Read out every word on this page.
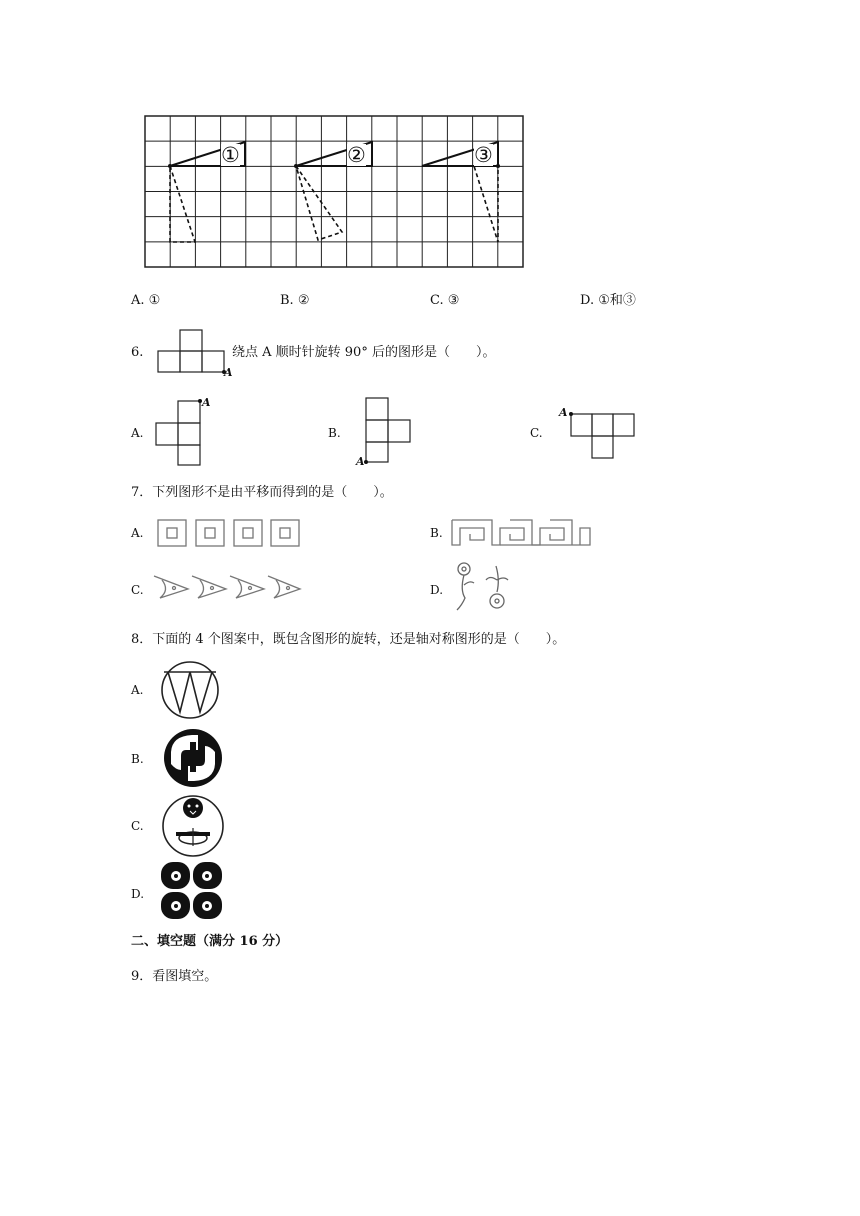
①	②	③
A. ①	B. ②	C. ③	D. ①和③
6.
A
A
A
A
绕点 A 顺时针旋转 90° 后的图形是（　　）。
A.	B.	C.
7．下列图形不是由平移而得到的是（　　）。
A.	B.
C.	D.
8．下面的 4 个图案中，既包含图形的旋转，还是轴对称图形的是（　　）。
A.
B.
C.
D.
二、填空题（满分 16 分）
9．看图填空。
